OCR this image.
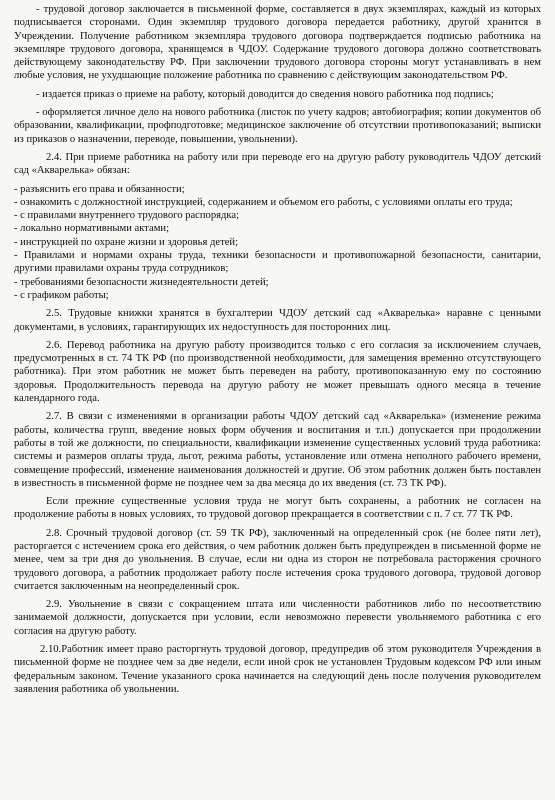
- трудовой договор заключается в письменной форме, составляется в двух экземплярах, каждый из которых подписывается сторонами. Один экземпляр трудового договора передается работнику, другой хранится в Учреждении. Получение работником экземпляра трудового договора подтверждается подписью работника на экземпляре трудового договора, хранящемся в ЧДОУ. Содержание трудового договора должно соответствовать действующему законодательству РФ. При заключении трудового договора стороны могут устанавливать в нем любые условия, не ухудшающие положение работника по сравнению с действующим законодательством РФ.

- издается приказ о приеме на работу, который доводится до сведения нового работника под подпись;

- оформляется личное дело на нового работника (листок по учету кадров; автобиография; копии документов об образовании, квалификации, профподготовке; медицинское заключение об отсутствии противопоказаний; выписки из приказов о назначении, переводе, повышении, увольнении).

2.4. При приеме работника на работу или при переводе его на другую работу руководитель ЧДОУ детский сад «Акварелька» обязан:

- разъяснить его права и обязанности;

- ознакомить с должностной инструкцией, содержанием и объемом его работы, с условиями оплаты его труда;

- с правилами внутреннего трудового распорядка;

- локально нормативными актами;

- инструкцией по охране жизни и здоровья детей;

- Правилами и нормами охраны труда, техники безопасности и противопожарной безопасности, санитарии, другими правилами охраны труда сотрудников;

- требованиями безопасности жизнедеятельности детей;

- с графиком работы;

2.5. Трудовые книжки хранятся в бухгалтерии ЧДОУ детский сад «Акварелька» наравне с ценными документами, в условиях, гарантирующих их недоступность для посторонних лиц.

2.6. Перевод работника на другую работу производится только с его согласия за исключением случаев, предусмотренных в ст. 74 ТК РФ (по производственной необходимости, для замещения временно отсутствующего работника). При этом работник не может быть переведен на работу, противопоказанную ему по состоянию здоровья. Продолжительность перевода на другую работу не может превышать одного месяца в течение календарного года.

2.7. В связи с изменениями в организации работы ЧДОУ детский сад «Акварелька» (изменение режима работы, количества групп, введение новых форм обучения и воспитания и т.п.) допускается при продолжении работы в той же должности, по специальности, квалификации изменение существенных условий труда работника: системы и размеров оплаты труда, льгот, режима работы, установление или отмена неполного рабочего времени, совмещение профессий, изменение наименования должностей и другие. Об этом работник должен быть поставлен в известность в письменной форме не позднее чем за два месяца до их введения (ст. 73 ТК РФ).

Если прежние существенные условия труда не могут быть сохранены, а работник не согласен на продолжение работы в новых условиях, то трудовой договор прекращается в соответствии с п. 7 ст. 77 ТК РФ.

2.8. Срочный трудовой договор (ст. 59 ТК РФ), заключенный на определенный срок (не более пяти лет), расторгается с истечением срока его действия, о чем работник должен быть предупрежден в письменной форме не менее, чем за три дня до увольнения. В случае, если ни одна из сторон не потребовала расторжения срочного трудового договора, а работник продолжает работу после истечения срока трудового договора, трудовой договор считается заключенным на неопределенный срок.

2.9. Увольнение в связи с сокращением штата или численности работников либо по несоответствию занимаемой должности, допускается при условии, если невозможно перевести увольняемого работника с его согласия на другую работу.

2.10.Работник имеет право расторгнуть трудовой договор, предупредив об этом руководителя Учреждения в письменной форме не позднее чем за две недели, если иной срок не установлен Трудовым кодексом РФ или иным федеральным законом. Течение указанного срока начинается на следующий день после получения руководителем заявления работника об увольнении.
